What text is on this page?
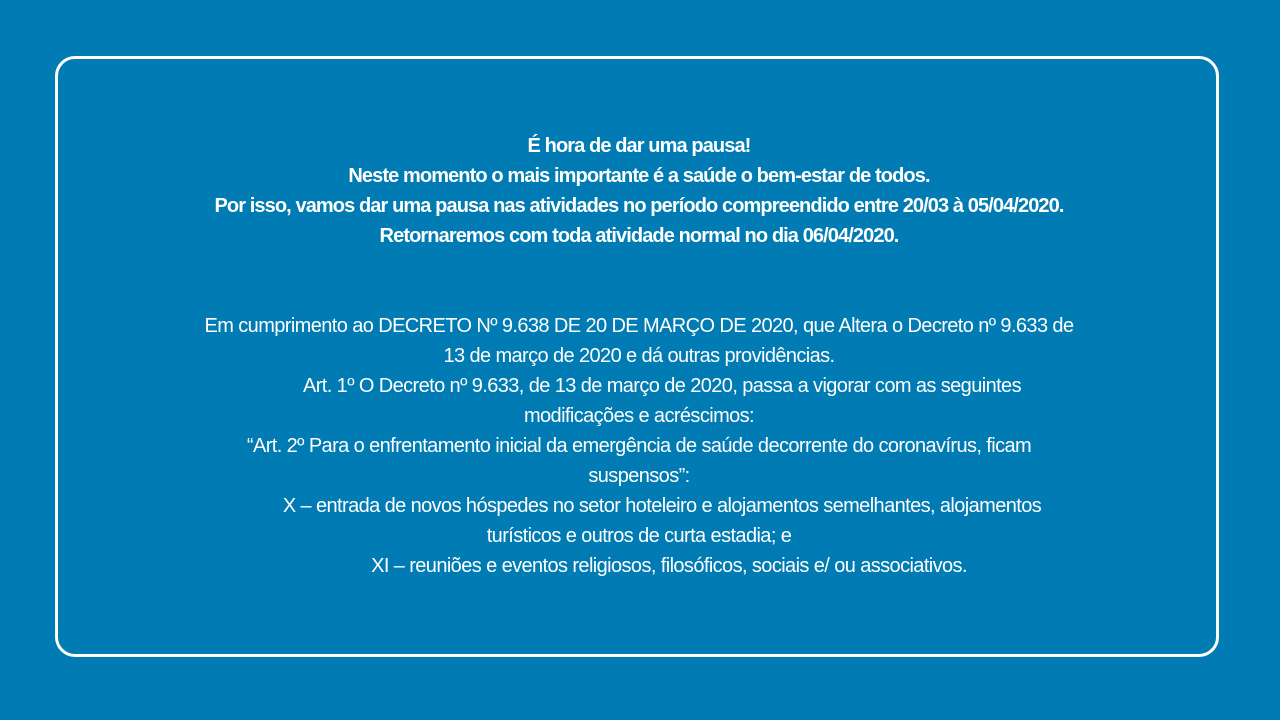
É hora de dar uma pausa!
Neste momento o mais importante é a saúde o bem-estar de todos.
Por isso, vamos dar uma pausa nas atividades no período compreendido entre 20/03 à 05/04/2020.
Retornaremos com toda atividade normal no dia 06/04/2020.
Em cumprimento ao DECRETO Nº 9.638 DE 20 DE MARÇO DE 2020, que Altera o Decreto nº 9.633 de
13 de março de 2020 e dá outras providências.
Art. 1º O Decreto nº 9.633, de 13 de março de 2020, passa a vigorar com as seguintes
modificações e acréscimos:
“Art. 2º Para o enfrentamento inicial da emergência de saúde decorrente do coronavírus, ficam
suspensos”:
X – entrada de novos hóspedes no setor hoteleiro e alojamentos semelhantes, alojamentos
turísticos e outros de curta estadia; e
XI – reuniões e eventos religiosos, filosóficos, sociais e/ ou associativos.
